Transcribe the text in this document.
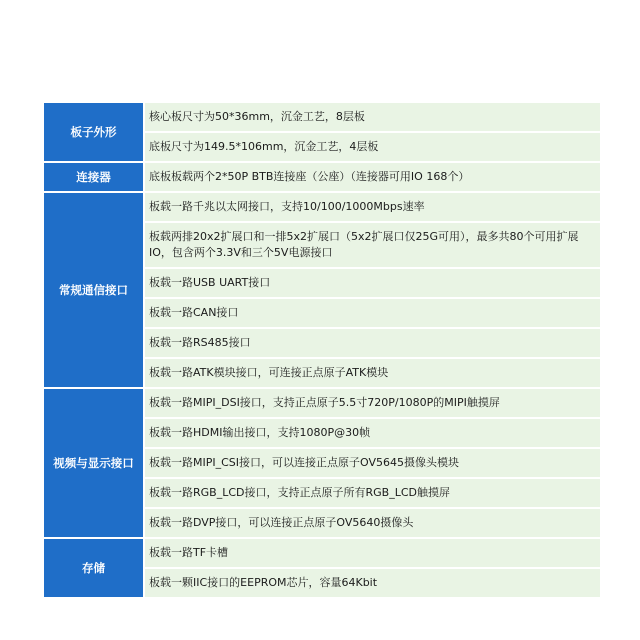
板子外形	核心板尺寸为50*36mm，沉金工艺，8层板
	底板尺寸为149.5*106mm，沉金工艺，4层板
连接器	底板板载两个2*50P BTB连接座（公座）（连接器可用IO 168个）
常规通信接口	板载一路千兆以太网接口，支持10/100/1000Mbps速率
	板载两排20x2扩展口和一排5x2扩展口（5x2扩展口仅25G可用），最多共80个可用扩展IO，包含两个3.3V和三个5V电源接口
	板载一路USB UART接口
	板载一路CAN接口
	板载一路RS485接口
	板载一路ATK模块接口，可连接正点原子ATK模块
视频与显示接口	板载一路MIPI_DSI接口，支持正点原子5.5寸720P/1080P的MIPI触摸屏
	板载一路HDMI输出接口，支持1080P@30帧
	板载一路MIPI_CSI接口，可以连接正点原子OV5645摄像头模块
	板载一路RGB_LCD接口，支持正点原子所有RGB_LCD触摸屏
	板载一路DVP接口，可以连接正点原子OV5640摄像头
存储	板载一路TF卡槽
	板载一颗IIC接口的EEPROM芯片，容量64Kbit
